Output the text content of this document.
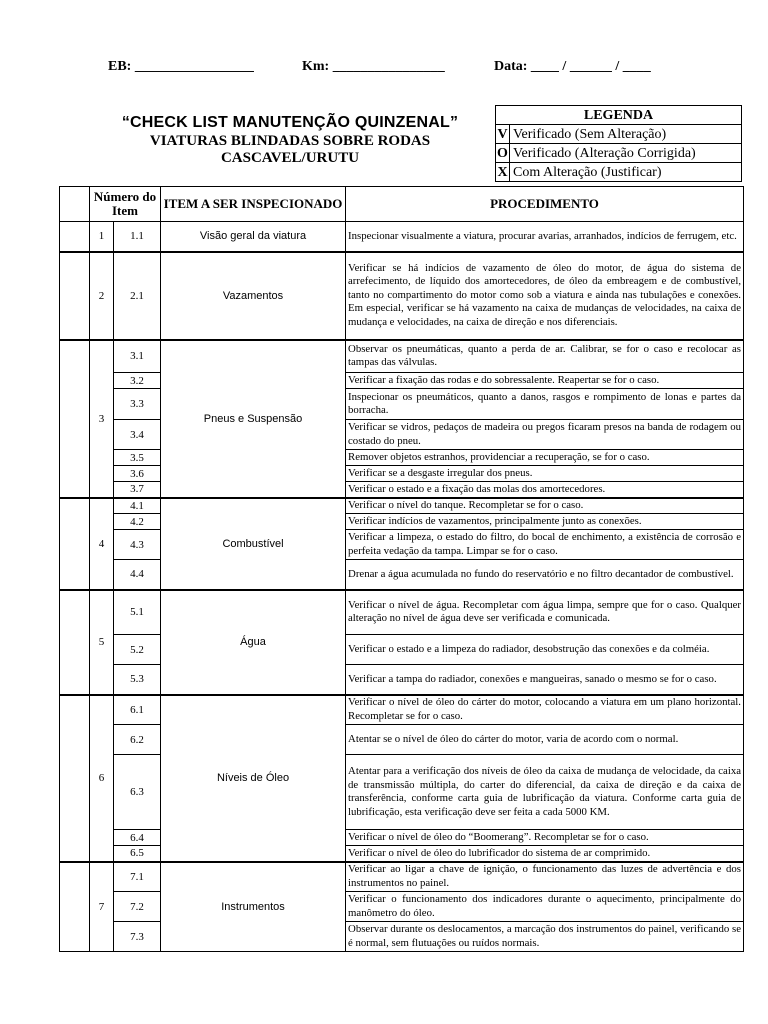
EB: _________________	Km: ________________	Data: ____ / ______ / ____
“CHECK LIST MANUTENÇÃO QUINZENAL”
VIATURAS BLINDADAS SOBRE RODAS
CASCAVEL/URUTU
LEGENDA	
V	Verificado (Sem Alteração)
O	Verificado (Alteração Corrigida)
X	Com Alteração (Justificar)
	Número do Item		ITEM A SER INSPECIONADO	PROCEDIMENTO
	1	1.1	Visão geral da viatura	Inspecionar visualmente a viatura, procurar avarias, arranhados, indícios de ferrugem, etc.
	2	2.1	Vazamentos	Verificar se há indícios de vazamento de óleo do motor, de água do sistema de arrefecimento, de líquido dos amortecedores, de óleo da embreagem e de combustível, tanto no compartimento do motor como sob a viatura e ainda nas tubulações e conexões. Em especial, verificar se há vazamento na caixa de mudanças de velocidades, na caixa de mudança e velocidades, na caixa de direção e nos diferenciais.
	3	3.1	Pneus e Suspensão	Observar os pneumáticas, quanto a perda de ar. Calibrar, se for o caso e recolocar as tampas das válvulas.
		3.2		Verificar a fixação das rodas e do sobressalente. Reapertar se for o caso.
		3.3		Inspecionar os pneumáticos, quanto a danos, rasgos e rompimento de lonas e partes da borracha.
		3.4		Verificar se vidros, pedaços de madeira ou pregos ficaram presos na banda de rodagem ou costado do pneu.
		3.5		Remover objetos estranhos, providenciar a recuperação, se for o caso.
		3.6		Verificar se a desgaste irregular dos pneus.
		3.7		Verificar o estado e a fixação das molas dos amortecedores.
	4	4.1	Combustível	Verificar o nível do tanque. Recompletar se for o caso.
		4.2		Verificar indícios de vazamentos, principalmente junto as conexões.
		4.3		Verificar a limpeza, o estado do filtro, do bocal de enchimento, a existência de corrosão e perfeita vedação da tampa. Limpar se for o caso.
		4.4		Drenar a água acumulada no fundo do reservatório e no filtro decantador de combustível.
	5	5.1	Água	Verificar o nível de água. Recompletar com água limpa, sempre que for o caso. Qualquer alteração no nível de água deve ser verificada e comunicada.
		5.2		Verificar o estado e a limpeza do radiador, desobstrução das conexões e da colméia.
		5.3		Verificar a tampa do radiador, conexões e mangueiras, sanado o mesmo se for o caso.
	6	6.1	Níveis de Óleo	Verificar o nível de óleo do cárter do motor, colocando a viatura em um plano horizontal. Recompletar se for o caso.
		6.2		Atentar se o nível de óleo do cárter do motor, varia de acordo com o normal.
		6.3		Atentar para a verificação dos níveis de óleo da caixa de mudança de velocidade, da caixa de transmissão múltipla, do carter do diferencial, da caixa de direção e da caixa de transferência, conforme carta guia de lubrificação da viatura. Conforme carta guia de lubrificação, esta verificação deve ser feita a cada 5000 KM.
		6.4		Verificar o nível de óleo do “Boomerang”. Recompletar se for o caso.
		6.5		Verificar o nível de óleo do lubrificador do sistema de ar comprimido.
	7	7.1	Instrumentos	Verificar ao ligar a chave de ignição, o funcionamento das luzes de advertência e dos instrumentos no painel.
		7.2		Verificar o funcionamento dos indicadores durante o aquecimento, principalmente do manômetro do óleo.
		7.3		Observar durante os deslocamentos, a marcação dos instrumentos do painel, verificando se é normal, sem flutuações ou ruídos normais.
